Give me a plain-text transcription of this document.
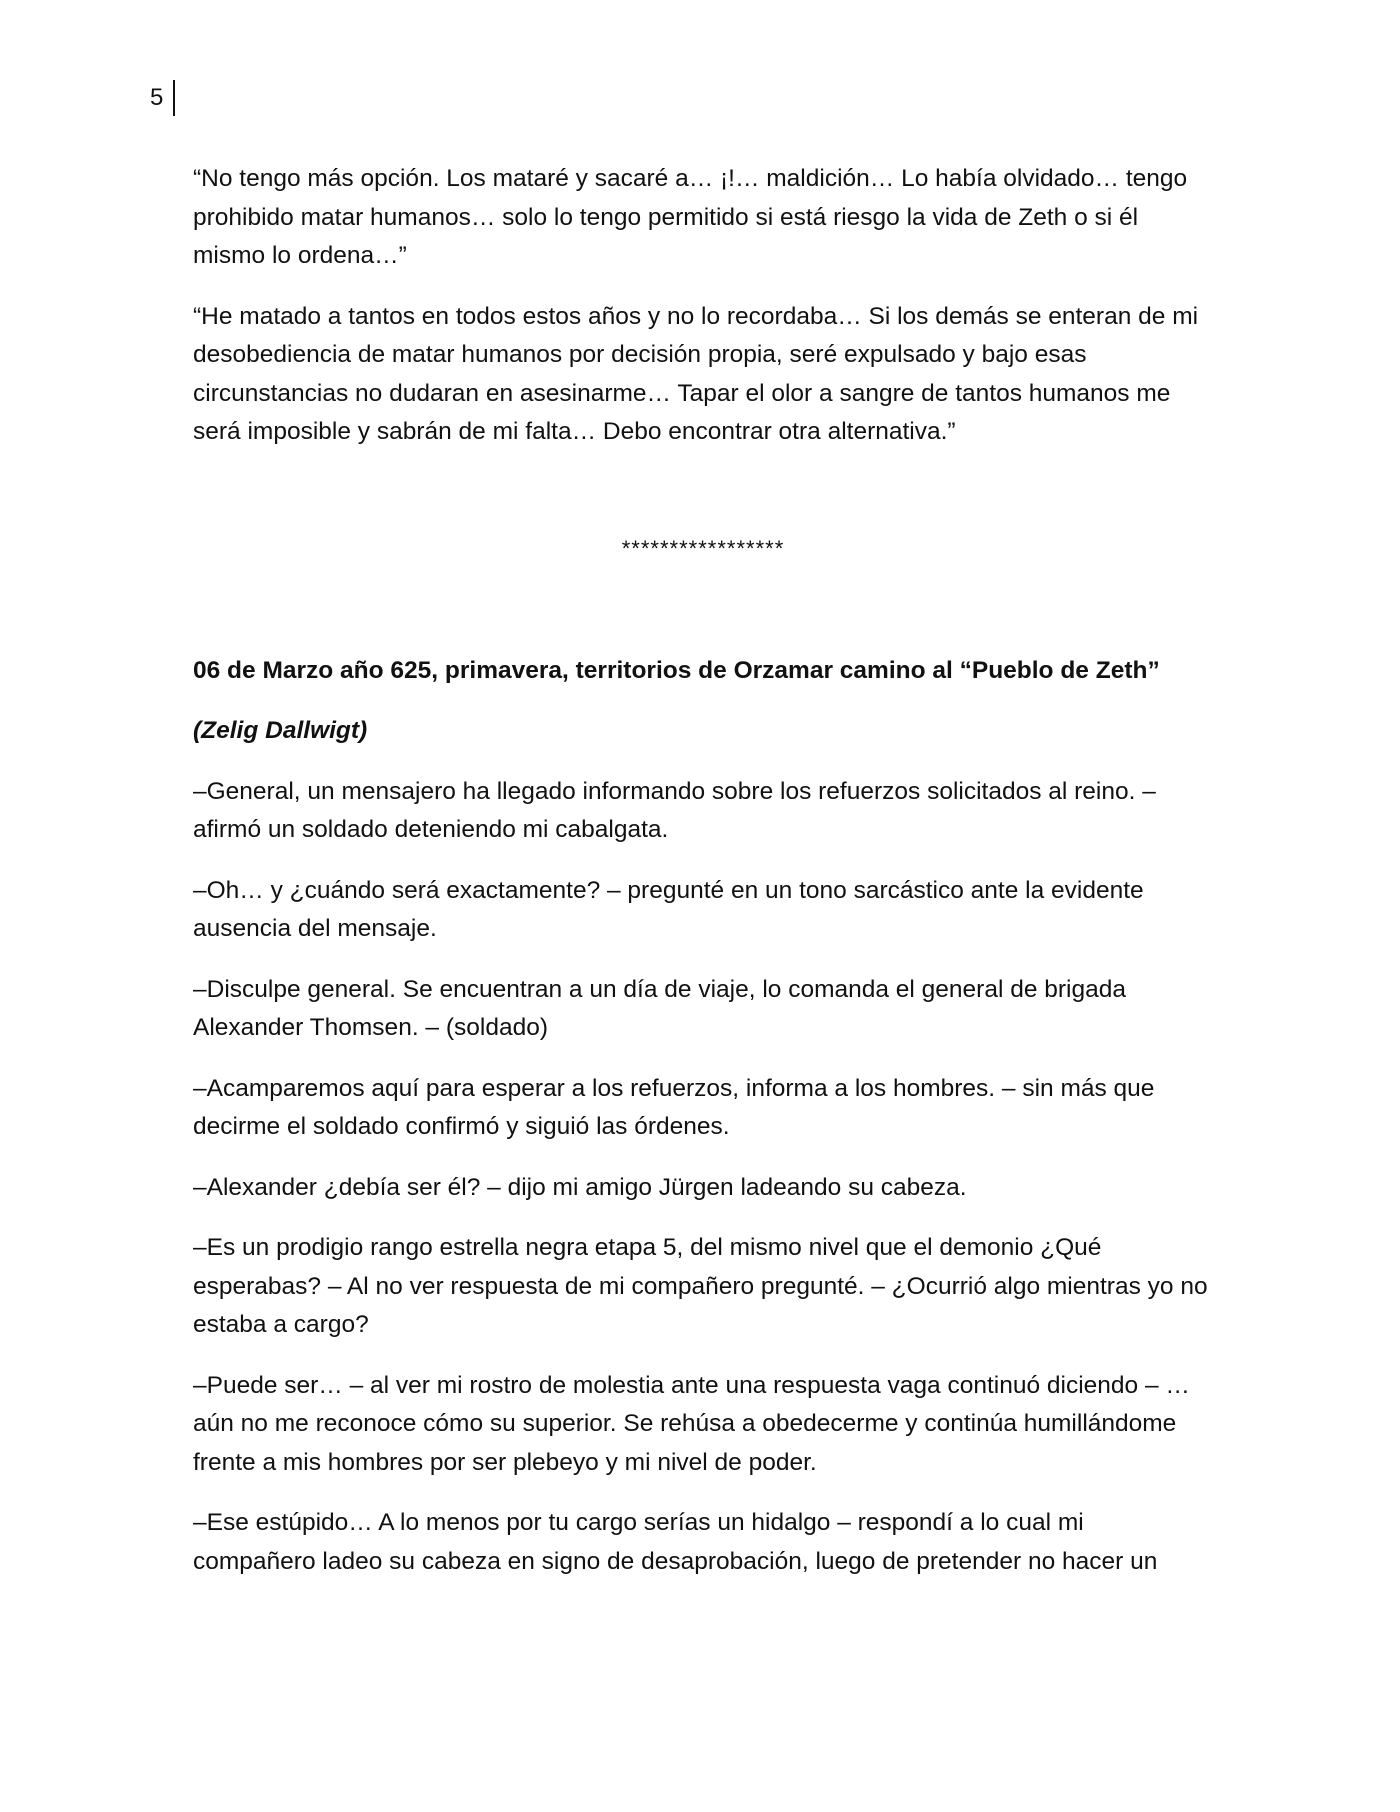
5

“No tengo más opción. Los mataré y sacaré a… ¡!… maldición… Lo había olvidado… tengo prohibido matar humanos… solo lo tengo permitido si está riesgo la vida de Zeth o si él mismo lo ordena…”

“He matado a tantos en todos estos años y no lo recordaba… Si los demás se enteran de mi desobediencia de matar humanos por decisión propia, seré expulsado y bajo esas circunstancias no dudaran en asesinarme… Tapar el olor a sangre de tantos humanos me será imposible y sabrán de mi falta… Debo encontrar otra alternativa.”

*****************

06 de Marzo año 625, primavera, territorios de Orzamar camino al “Pueblo de Zeth”

(Zelig Dallwigt)

–General, un mensajero ha llegado informando sobre los refuerzos solicitados al reino. – afirmó un soldado deteniendo mi cabalgata.

–Oh… y ¿cuándo será exactamente? – pregunté en un tono sarcástico ante la evidente ausencia del mensaje.

–Disculpe general. Se encuentran a un día de viaje, lo comanda el general de brigada Alexander Thomsen. – (soldado)

–Acamparemos aquí para esperar a los refuerzos, informa a los hombres. – sin más que decirme el soldado confirmó y siguió las órdenes.

–Alexander ¿debía ser él? – dijo mi amigo Jürgen ladeando su cabeza.

–Es un prodigio rango estrella negra etapa 5, del mismo nivel que el demonio ¿Qué esperabas? – Al no ver respuesta de mi compañero pregunté. – ¿Ocurrió algo mientras yo no estaba a cargo?

–Puede ser… – al ver mi rostro de molestia ante una respuesta vaga continuó diciendo – …aún no me reconoce cómo su superior. Se rehúsa a obedecerme y continúa humillándome frente a mis hombres por ser plebeyo y mi nivel de poder.

–Ese estúpido… A lo menos por tu cargo serías un hidalgo – respondí a lo cual mi compañero ladeo su cabeza en signo de desaprobación, luego de pretender no hacer un
